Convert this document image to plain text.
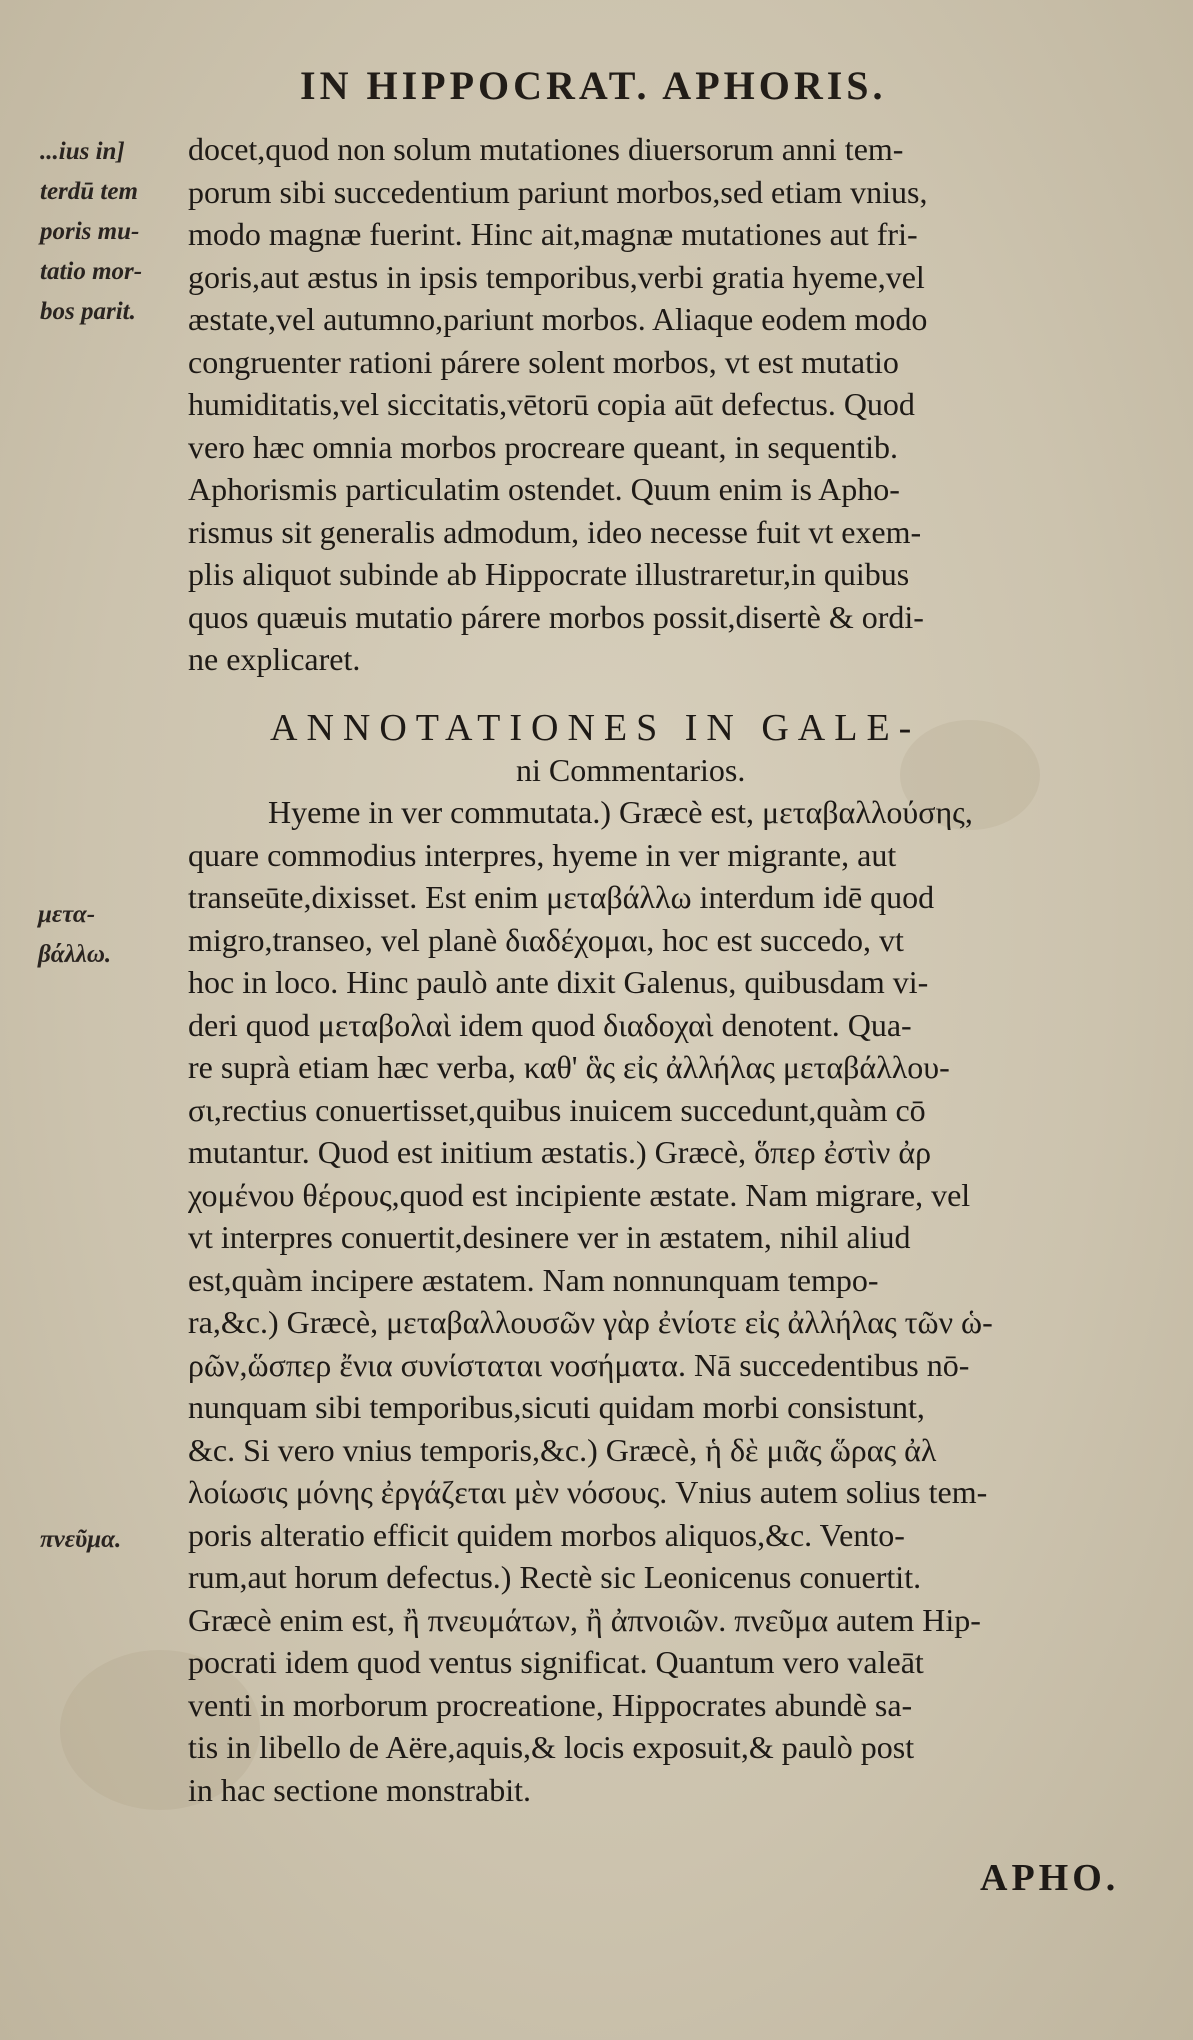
IN HIPPOCRAT. APHORIS.
...ius in]
terdū tem
poris mu-
tatio mor-
bos parit.
μετα-
βάλλω.
πνεῦμα.
docet,quod non solum mutationes diuersorum anni tem-
porum sibi succedentium pariunt morbos,sed etiam vnius,
modo magnæ fuerint. Hinc ait,magnæ mutationes aut fri-
goris,aut æstus in ipsis temporibus,verbi gratia hyeme,vel
æstate,vel autumno,pariunt morbos. Aliaque eodem modo
congruenter rationi párere solent morbos, vt est mutatio
humiditatis,vel siccitatis,vētorū copia aūt defectus. Quod
vero hæc omnia morbos procreare queant, in sequentib.
Aphorismis particulatim ostendet. Quum enim is Apho-
rismus sit generalis admodum, ideo necesse fuit vt exem-
plis aliquot subinde ab Hippocrate illustraretur,in quibus
quos quæuis mutatio párere morbos possit,disertè & ordi-
ne explicaret.
ANNOTATIONES IN GALE-
ni Commentarios.
Hyeme in ver commutata.) Græcè est, μεταβαλλούσης,
quare commodius interpres, hyeme in ver migrante, aut
transeūte,dixisset. Est enim μεταβάλλω interdum idē quod
migro,transeo, vel planè διαδέχομαι, hoc est succedo, vt
hoc in loco. Hinc paulò ante dixit Galenus, quibusdam vi-
deri quod μεταβολαὶ idem quod διαδοχαὶ denotent. Qua-
re suprà etiam hæc verba, καθ' ἃς εἰς ἀλλήλας μεταβάλλου-
σι,rectius conuertisset,quibus inuicem succedunt,quàm cō
mutantur. Quod est initium æstatis.) Græcè, ὅπερ ἐστὶν ἀρ
χομένου θέρους,quod est incipiente æstate. Nam migrare, vel
vt interpres conuertit,desinere ver in æstatem, nihil aliud
est,quàm incipere æstatem. Nam nonnunquam tempo-
ra,&c.) Græcè, μεταβαλλουσῶν γὰρ ἐνίοτε εἰς ἀλλήλας τῶν ὡ-
ρῶν,ὥσπερ ἔνια συνίσταται νοσήματα. Nā succedentibus nō-
nunquam sibi temporibus,sicuti quidam morbi consistunt,
&c. Si vero vnius temporis,&c.) Græcè, ἡ δὲ μιᾶς ὥρας ἀλ
λοίωσις μόνης ἐργάζεται μὲν νόσους. Vnius autem solius tem-
poris alteratio efficit quidem morbos aliquos,&c. Vento-
rum,aut horum defectus.) Rectè sic Leonicenus conuertit.
Græcè enim est, ἢ πνευμάτων, ἢ ἀπνοιῶν. πνεῦμα autem Hip-
pocrati idem quod ventus significat. Quantum vero valeāt
venti in morborum procreatione, Hippocrates abundè sa-
tis in libello de Aëre,aquis,& locis exposuit,& paulò post
in hac sectione monstrabit.
APHO.
